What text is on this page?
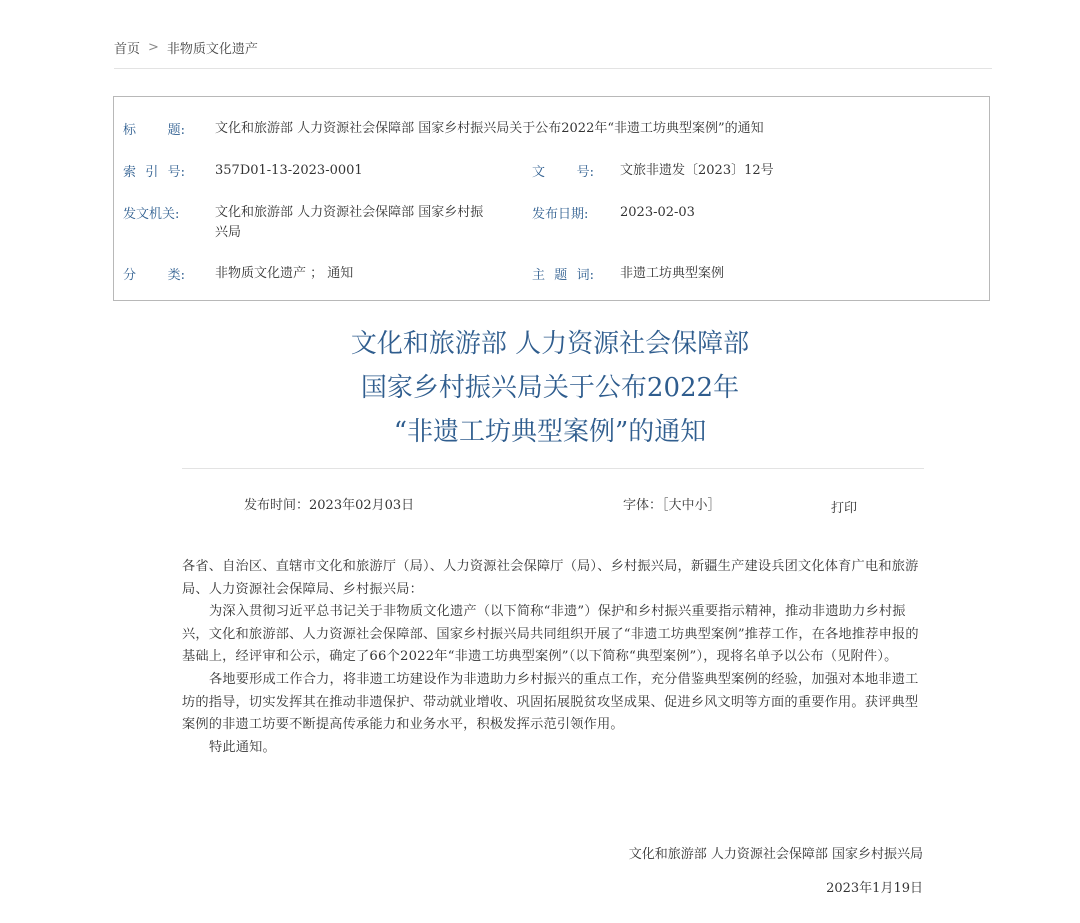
首页 > 非物质文化遗产
标 题: 文化和旅游部 人力资源社会保障部 国家乡村振兴局关于公布2022年“非遗工坊典型案例”的通知
索 引 号: 357D01-13-2023-0001	文 号: 文旅非遗发〔2023〕12号
发文机关:	文化和旅游部 人力资源社会保障部 国家乡村振
兴局
发布日期:	2023-02-03
分 类: 非物质文化遗产 ； 通知	主 题 词: 非遗工坊典型案例
文化和旅游部 人力资源社会保障部
国家乡村振兴局关于公布2022年
“非遗工坊典型案例”的通知
发布时间：2023年02月03日	字体：［大中小］	打印

各省、自治区、直辖市文化和旅游厅（局）、人力资源社会保障厅（局）、乡村振兴局，新疆生产建设兵团文化体育广电和旅游局、人力资源社会保障局、乡村振兴局：

为深入贯彻习近平总书记关于非物质文化遗产（以下简称“非遗”）保护和乡村振兴重要指示精神，推动非遗助力乡村振兴，文化和旅游部、人力资源社会保障部、国家乡村振兴局共同组织开展了“非遗工坊典型案例”推荐工作，在各地推荐申报的基础上，经评审和公示，确定了66个2022年“非遗工坊典型案例”（以下简称“典型案例”），现将名单予以公布（见附件）。

各地要形成工作合力，将非遗工坊建设作为非遗助力乡村振兴的重点工作，充分借鉴典型案例的经验，加强对本地非遗工坊的指导，切实发挥其在推动非遗保护、带动就业增收、巩固拓展脱贫攻坚成果、促进乡风文明等方面的重要作用。获评典型案例的非遗工坊要不断提高传承能力和业务水平，积极发挥示范引领作用。

特此通知。

文化和旅游部 人力资源社会保障部 国家乡村振兴局
2023年1月19日
